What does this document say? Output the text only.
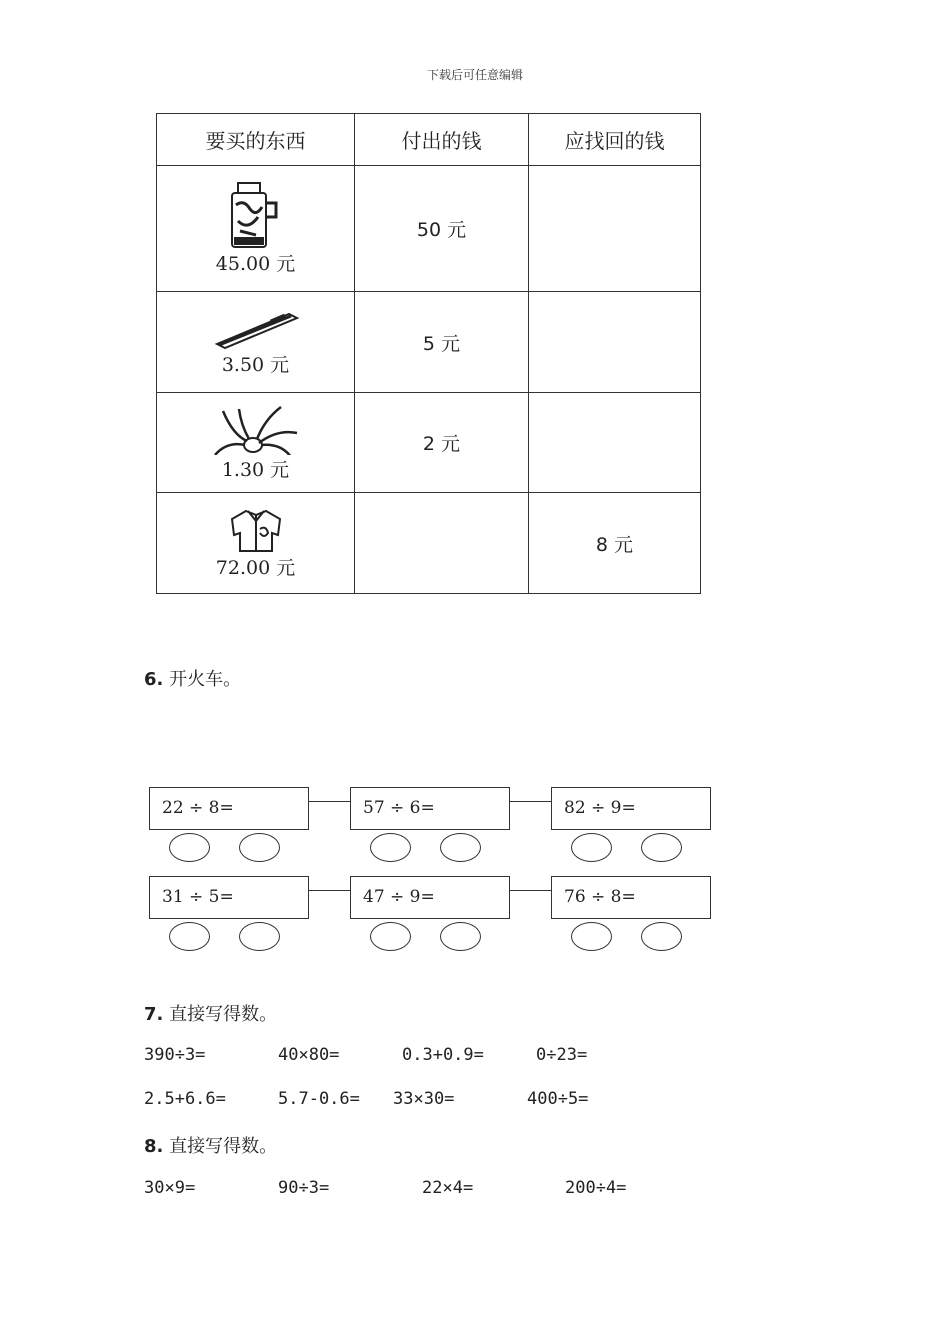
下载后可任意编辑
要买的东西	付出的钱	应找回的钱

45.00 元	50 元	

3.50 元	5 元	

1.30 元	2 元	

72.00 元		8 元
6. 开火车。
22 ÷ 8=	57 ÷ 6=	82 ÷ 9=
31 ÷ 5=	47 ÷ 9=	76 ÷ 8=
7. 直接写得数。
390÷3=	40×80=	0.3+0.9=	0÷23=
2.5+6.6=	5.7-0.6= 33×30=	400÷5=
8. 直接写得数。
30×9=	90÷3=	22×4=	200÷4=
